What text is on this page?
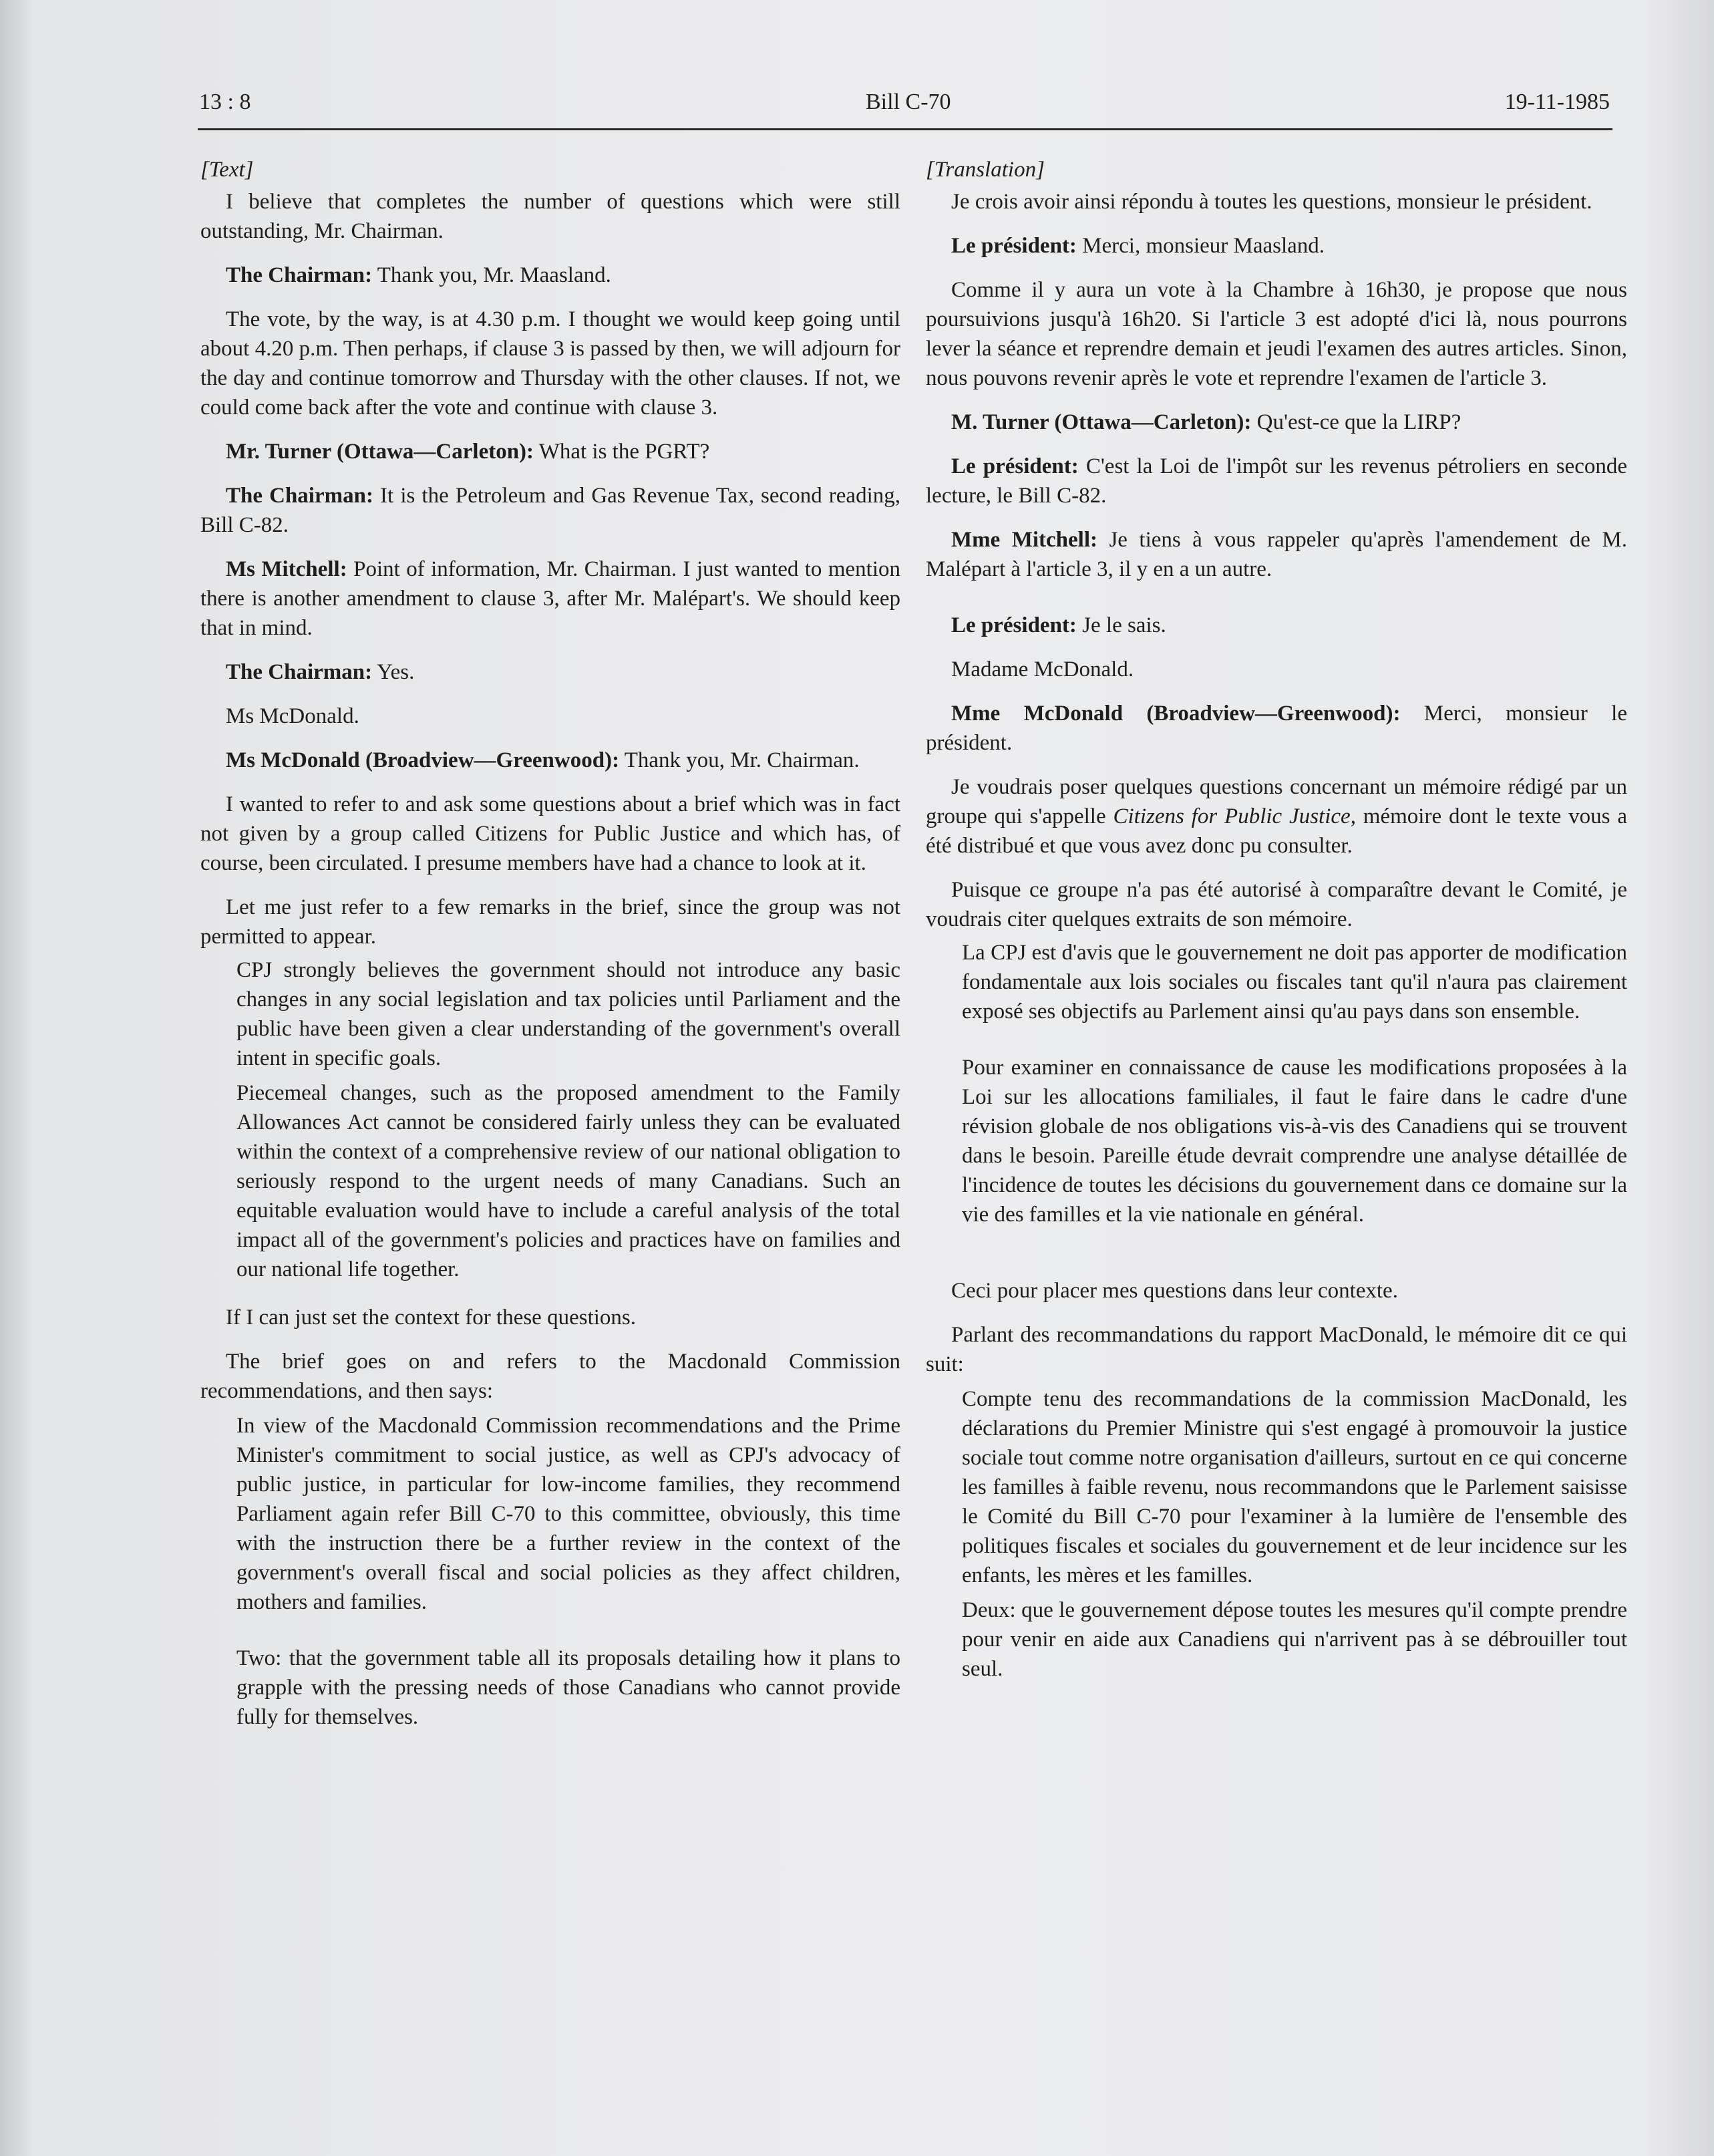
13 : 8	Bill C-70	19-11-1985

[Text]

I believe that completes the number of questions which were still outstanding, Mr. Chairman.

The Chairman: Thank you, Mr. Maasland.

The vote, by the way, is at 4.30 p.m. I thought we would keep going until about 4.20 p.m. Then perhaps, if clause 3 is passed by then, we will adjourn for the day and continue tomorrow and Thursday with the other clauses. If not, we could come back after the vote and continue with clause 3.

Mr. Turner (Ottawa—Carleton): What is the PGRT?

The Chairman: It is the Petroleum and Gas Revenue Tax, second reading, Bill C-82.

Ms Mitchell: Point of information, Mr. Chairman. I just wanted to mention there is another amendment to clause 3, after Mr. Malépart's. We should keep that in mind.

The Chairman: Yes.

Ms McDonald.

Ms McDonald (Broadview—Greenwood): Thank you, Mr. Chairman.

I wanted to refer to and ask some questions about a brief which was in fact not given by a group called Citizens for Public Justice and which has, of course, been circulated. I presume members have had a chance to look at it.

Let me just refer to a few remarks in the brief, since the group was not permitted to appear.

CPJ strongly believes the government should not introduce any basic changes in any social legislation and tax policies until Parliament and the public have been given a clear understanding of the government's overall intent in specific goals.

Piecemeal changes, such as the proposed amendment to the Family Allowances Act cannot be considered fairly unless they can be evaluated within the context of a comprehensive review of our national obligation to seriously respond to the urgent needs of many Canadians. Such an equitable evaluation would have to include a careful analysis of the total impact all of the government's policies and practices have on families and our national life together.

If I can just set the context for these questions.

The brief goes on and refers to the Macdonald Commission recommendations, and then says:

In view of the Macdonald Commission recommendations and the Prime Minister's commitment to social justice, as well as CPJ's advocacy of public justice, in particular for low-income families, they recommend Parliament again refer Bill C-70 to this committee, obviously, this time with the instruction there be a further review in the context of the government's overall fiscal and social policies as they affect children, mothers and families.

Two: that the government table all its proposals detailing how it plans to grapple with the pressing needs of those Canadians who cannot provide fully for themselves.

[Translation]

Je crois avoir ainsi répondu à toutes les questions, monsieur le président.

Le président: Merci, monsieur Maasland.

Comme il y aura un vote à la Chambre à 16h30, je propose que nous poursuivions jusqu'à 16h20. Si l'article 3 est adopté d'ici là, nous pourrons lever la séance et reprendre demain et jeudi l'examen des autres articles. Sinon, nous pouvons revenir après le vote et reprendre l'examen de l'article 3.

M. Turner (Ottawa—Carleton): Qu'est-ce que la LIRP?

Le président: C'est la Loi de l'impôt sur les revenus pétroliers en seconde lecture, le Bill C-82.

Mme Mitchell: Je tiens à vous rappeler qu'après l'amendement de M. Malépart à l'article 3, il y en a un autre.

Le président: Je le sais.

Madame McDonald.

Mme McDonald (Broadview—Greenwood): Merci, monsieur le président.

Je voudrais poser quelques questions concernant un mémoire rédigé par un groupe qui s'appelle Citizens for Public Justice, mémoire dont le texte vous a été distribué et que vous avez donc pu consulter.

Puisque ce groupe n'a pas été autorisé à comparaître devant le Comité, je voudrais citer quelques extraits de son mémoire.

La CPJ est d'avis que le gouvernement ne doit pas apporter de modification fondamentale aux lois sociales ou fiscales tant qu'il n'aura pas clairement exposé ses objectifs au Parlement ainsi qu'au pays dans son ensemble.

Pour examiner en connaissance de cause les modifications proposées à la Loi sur les allocations familiales, il faut le faire dans le cadre d'une révision globale de nos obligations vis-à-vis des Canadiens qui se trouvent dans le besoin. Pareille étude devrait comprendre une analyse détaillée de l'incidence de toutes les décisions du gouvernement dans ce domaine sur la vie des familles et la vie nationale en général.

Ceci pour placer mes questions dans leur contexte.

Parlant des recommandations du rapport MacDonald, le mémoire dit ce qui suit:

Compte tenu des recommandations de la commission MacDonald, les déclarations du Premier Ministre qui s'est engagé à promouvoir la justice sociale tout comme notre organisation d'ailleurs, surtout en ce qui concerne les familles à faible revenu, nous recommandons que le Parlement saisisse le Comité du Bill C-70 pour l'examiner à la lumière de l'ensemble des politiques fiscales et sociales du gouvernement et de leur incidence sur les enfants, les mères et les familles.

Deux: que le gouvernement dépose toutes les mesures qu'il compte prendre pour venir en aide aux Canadiens qui n'arrivent pas à se débrouiller tout seul.
